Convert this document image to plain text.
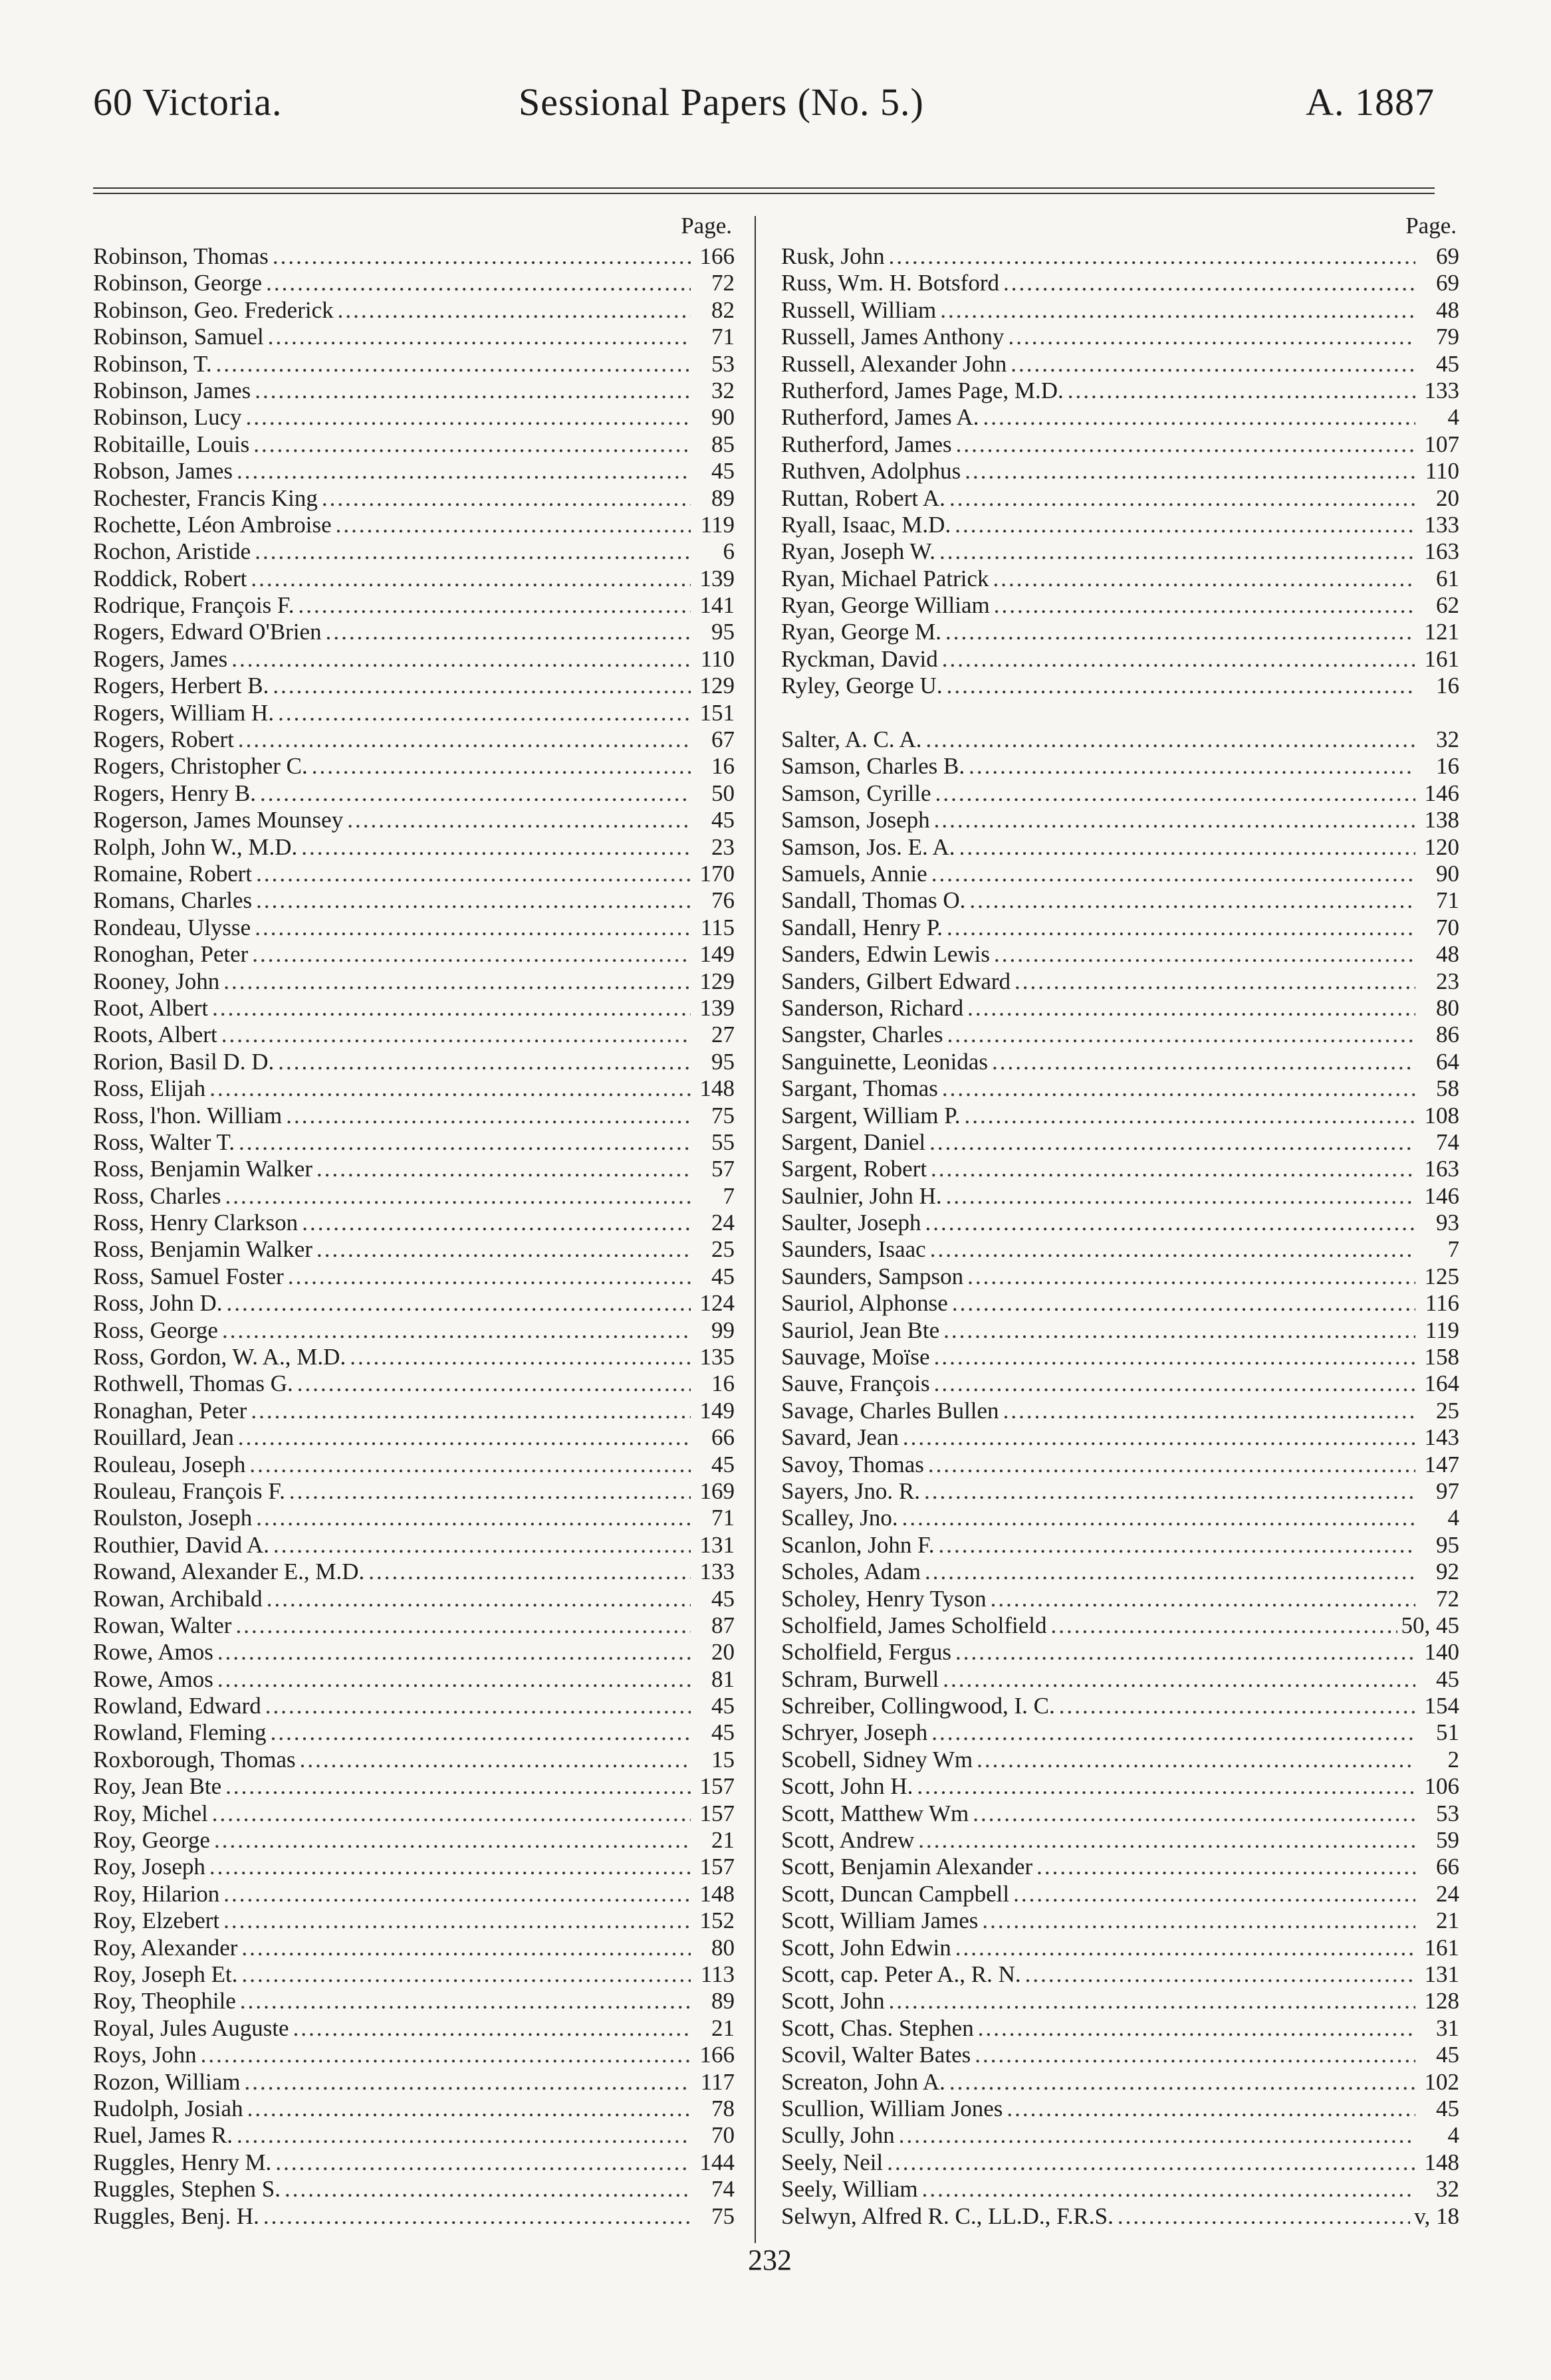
60 Victoria.	Sessional Papers (No. 5.)	A. 1887
Page.
Robinson, Thomas .....	166
Robinson, George .....	72
Robinson, Geo. Frederick .....	82
Robinson, Samuel .....	71
Robinson, T. .....	53
Robinson, James .....	32
Robinson, Lucy .....	90
Robitaille, Louis .....	85
Robson, James .....	45
Rochester, Francis King .....	89
Rochette, Léon Ambroise .....	119
Rochon, Aristide .....	6
Roddick, Robert .....	139
Rodrique, François F. .....	141
Rogers, Edward O'Brien .....	95
Rogers, James .....	110
Rogers, Herbert B. .....	129
Rogers, William H. .....	151
Rogers, Robert .....	67
Rogers, Christopher C. .....	16
Rogers, Henry B. .....	50
Rogerson, James Mounsey .....	45
Rolph, John W., M.D. .....	23
Romaine, Robert .....	170
Romans, Charles .....	76
Rondeau, Ulysse .....	115
Ronoghan, Peter .....	149
Rooney, John .....	129
Root, Albert .....	139
Roots, Albert .....	27
Rorion, Basil D. D. .....	95
Ross, Elijah .....	148
Ross, l'hon. William .....	75
Ross, Walter T. .....	55
Ross, Benjamin Walker .....	57
Ross, Charles .....	7
Ross, Henry Clarkson .....	24
Ross, Benjamin Walker .....	25
Ross, Samuel Foster .....	45
Ross, John D. .....	124
Ross, George .....	99
Ross, Gordon, W. A., M.D. .....	135
Rothwell, Thomas G. .....	16
Ronaghan, Peter .....	149
Rouillard, Jean .....	66
Rouleau, Joseph .....	45
Rouleau, François F. .....	169
Roulston, Joseph .....	71
Routhier, David A. .....	131
Rowand, Alexander E., M.D. .....	133
Rowan, Archibald .....	45
Rowan, Walter .....	87
Rowe, Amos .....	20
Rowe, Amos .....	81
Rowland, Edward .....	45
Rowland, Fleming .....	45
Roxborough, Thomas .....	15
Roy, Jean Bte .....	157
Roy, Michel .....	157
Roy, George .....	21
Roy, Joseph .....	157
Roy, Hilarion .....	148
Roy, Elzebert .....	152
Roy, Alexander .....	80
Roy, Joseph Et. .....	113
Roy, Theophile .....	89
Royal, Jules Auguste .....	21
Roys, John .....	166
Rozon, William .....	117
Rudolph, Josiah .....	78
Ruel, James R. .....	70
Ruggles, Henry M. .....	144
Ruggles, Stephen S. .....	74
Ruggles, Benj. H. .....	75
Page.
Rusk, John .....	69
Russ, Wm. H. Botsford .....	69
Russell, William .....	48
Russell, James Anthony .....	79
Russell, Alexander John .....	45
Rutherford, James Page, M.D. .....	133
Rutherford, James A. .....	4
Rutherford, James .....	107
Ruthven, Adolphus .....	110
Ruttan, Robert A. .....	20
Ryall, Isaac, M.D. .....	133
Ryan, Joseph W. .....	163
Ryan, Michael Patrick .....	61
Ryan, George William .....	62
Ryan, George M. .....	121
Ryckman, David .....	161
Ryley, George U. .....	16
Salter, A. C. A. .....	32
Samson, Charles B. .....	16
Samson, Cyrille .....	146
Samson, Joseph .....	138
Samson, Jos. E. A. .....	120
Samuels, Annie .....	90
Sandall, Thomas O. .....	71
Sandall, Henry P. .....	70
Sanders, Edwin Lewis .....	48
Sanders, Gilbert Edward .....	23
Sanderson, Richard .....	80
Sangster, Charles .....	86
Sanguinette, Leonidas .....	64
Sargant, Thomas .....	58
Sargent, William P. .....	108
Sargent, Daniel .....	74
Sargent, Robert .....	163
Saulnier, John H. .....	146
Saulter, Joseph .....	93
Saunders, Isaac .....	7
Saunders, Sampson .....	125
Sauriol, Alphonse .....	116
Sauriol, Jean Bte .....	119
Sauvage, Moïse .....	158
Sauve, François .....	164
Savage, Charles Bullen .....	25
Savard, Jean .....	143
Savoy, Thomas .....	147
Sayers, Jno. R. .....	97
Scalley, Jno. .....	4
Scanlon, John F. .....	95
Scholes, Adam .....	92
Scholey, Henry Tyson .....	72
Scholfield, James Scholfield .....	50, 45
Scholfield, Fergus .....	140
Schram, Burwell .....	45
Schreiber, Collingwood, I. C. .....	154
Schryer, Joseph .....	51
Scobell, Sidney Wm .....	2
Scott, John H. .....	106
Scott, Matthew Wm .....	53
Scott, Andrew .....	59
Scott, Benjamin Alexander .....	66
Scott, Duncan Campbell .....	24
Scott, William James .....	21
Scott, John Edwin .....	161
Scott, cap. Peter A., R. N. .....	131
Scott, John .....	128
Scott, Chas. Stephen .....	31
Scovil, Walter Bates .....	45
Screaton, John A. .....	102
Scullion, William Jones .....	45
Scully, John .....	4
Seely, Neil .....	148
Seely, William .....	32
Selwyn, Alfred R. C., LL.D., F.R.S. .....	v, 18
232
